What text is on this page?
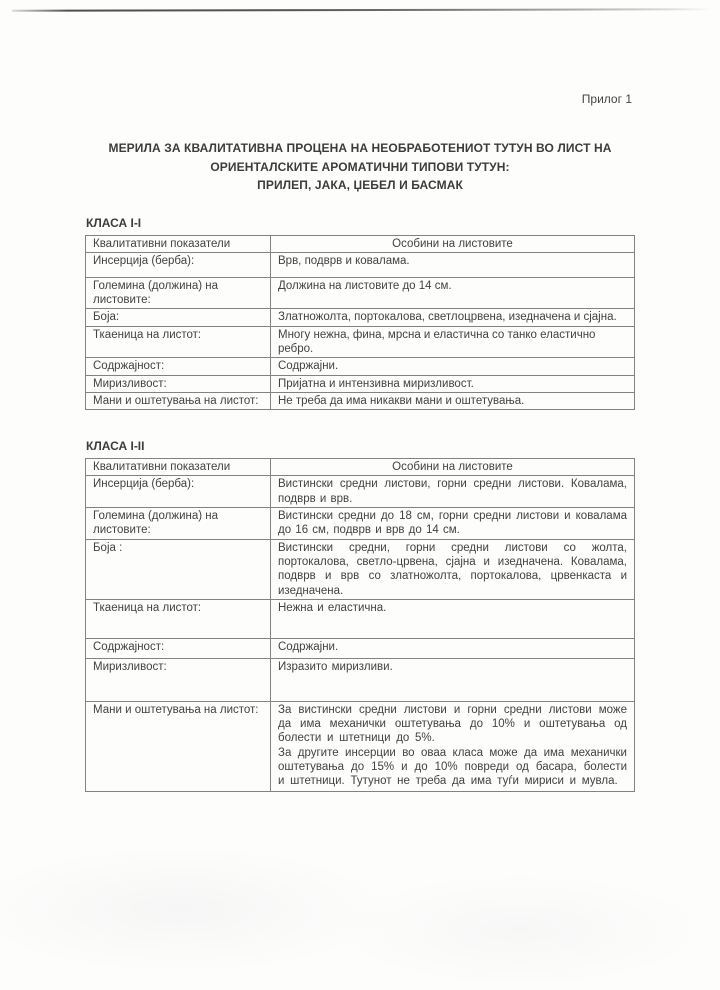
Прилог 1
МЕРИЛА ЗА КВАЛИТАТИВНА ПРОЦЕНА НА НЕОБРАБОТЕНИОТ ТУТУН ВО ЛИСТ НА
ОРИЕНТАЛСКИТЕ АРОМАТИЧНИ ТИПОВИ ТУТУН:
ПРИЛЕП, ЈАКА, ЏЕБЕЛ И БАСМАК
КЛАСА I-I
Квалитативни показатели	Особини на листовите
Инсерција (берба):	Врв, подврв и ковалама.
Големина (должина) на листовите:	Должина на листовите до 14 см.
Боја:	Златножолта, портокалова, светлоцрвена, изедначена и сјајна.
Ткаеница на листот:	Многу нежна, фина, мрсна и еластична со танко еластично ребро.
Содржајност:	Содржајни.
Миризливост:	Пријатна и интензивна миризливост.
Мани и оштетувања на листот:	Не треба да има никакви мани и оштетувања.
КЛАСА I-II
Квалитативни показатели	Особини на листовите
Инсерција (берба):	Вистински средни листови, горни средни листови. Ковалама, подврв и врв.
Големина (должина) на листовите:	Вистински средни до 18 см, горни средни листови и ковалама до 16 см, подврв и врв до 14 см.
Боја :	Вистински средни, горни средни листови со жолта, портокалова, светло-црвена, сјајна и изедначена. Ковалама, подврв и врв со златножолта, портокалова, црвенкаста и изедначена.
Ткаеница на листот:	Нежна и еластична.
Содржајност:	Содржајни.
Миризливост:	Изразито миризливи.
Мани и оштетувања на листот:	За вистински средни листови и горни средни листови може да има механички оштетувања до 10% и оштетувања од болести и штетници до 5%.
За другите инсерции во оваа класа може да има механички оштетувања до 15% и до 10% повреди од басара, болести и штетници. Тутунот не треба да има туѓи мириси и мувла.
